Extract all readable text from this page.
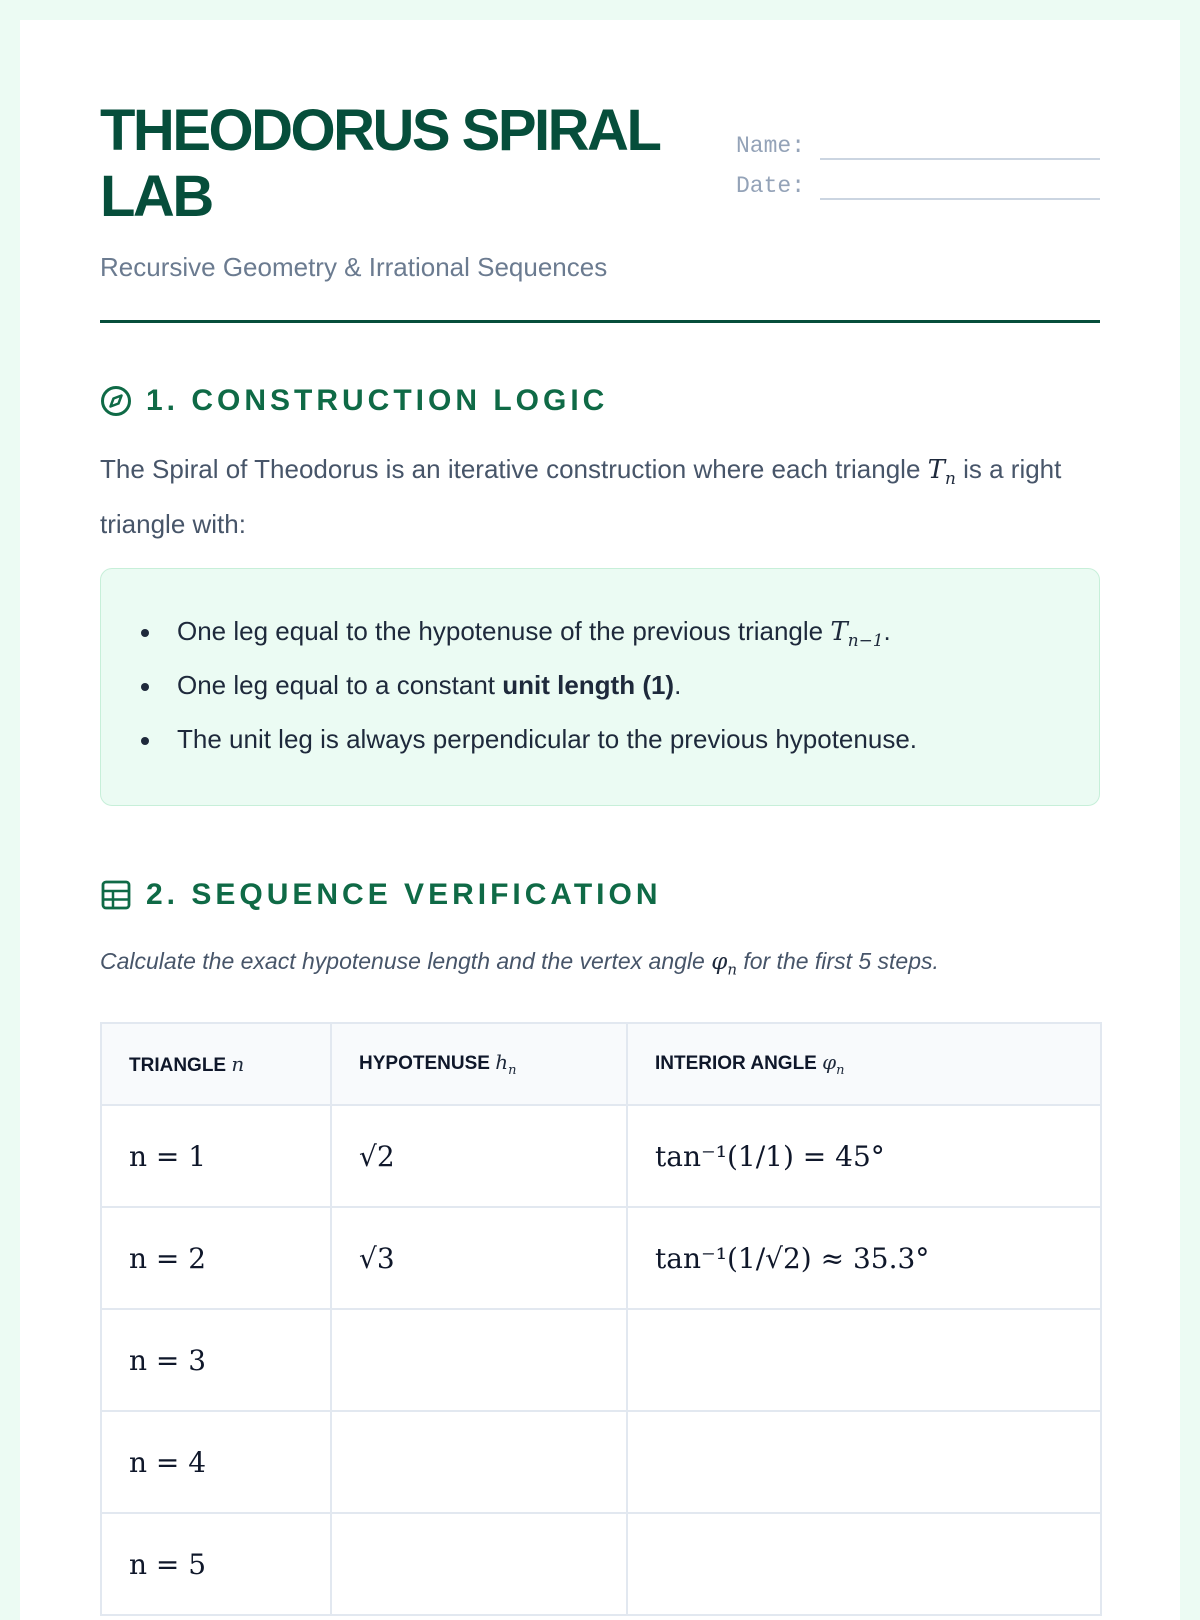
THEODORUS SPIRAL LAB
Recursive Geometry & Irrational Sequences
Name:
Date:
1. CONSTRUCTION LOGIC

The Spiral of Theodorus is an iterative construction where each triangle $T_n$ is a right triangle with:

One leg equal to the hypotenuse of the previous triangle $T_{n-1}$.
One leg equal to a constant unit length (1).
The unit leg is always perpendicular to the previous hypotenuse.
2. SEQUENCE VERIFICATION

Calculate the exact hypotenuse length and the vertex angle $\varphi_n$ for the first 5 steps.

TRIANGLE n	HYPOTENUSE $h_n$	INTERIOR ANGLE $\varphi_n$
n = 1	√2	tan⁻¹(1/1) = 45°
n = 2	√3	tan⁻¹(1/√2) ≈ 35.3°
n = 3		
n = 4		
n = 5		
